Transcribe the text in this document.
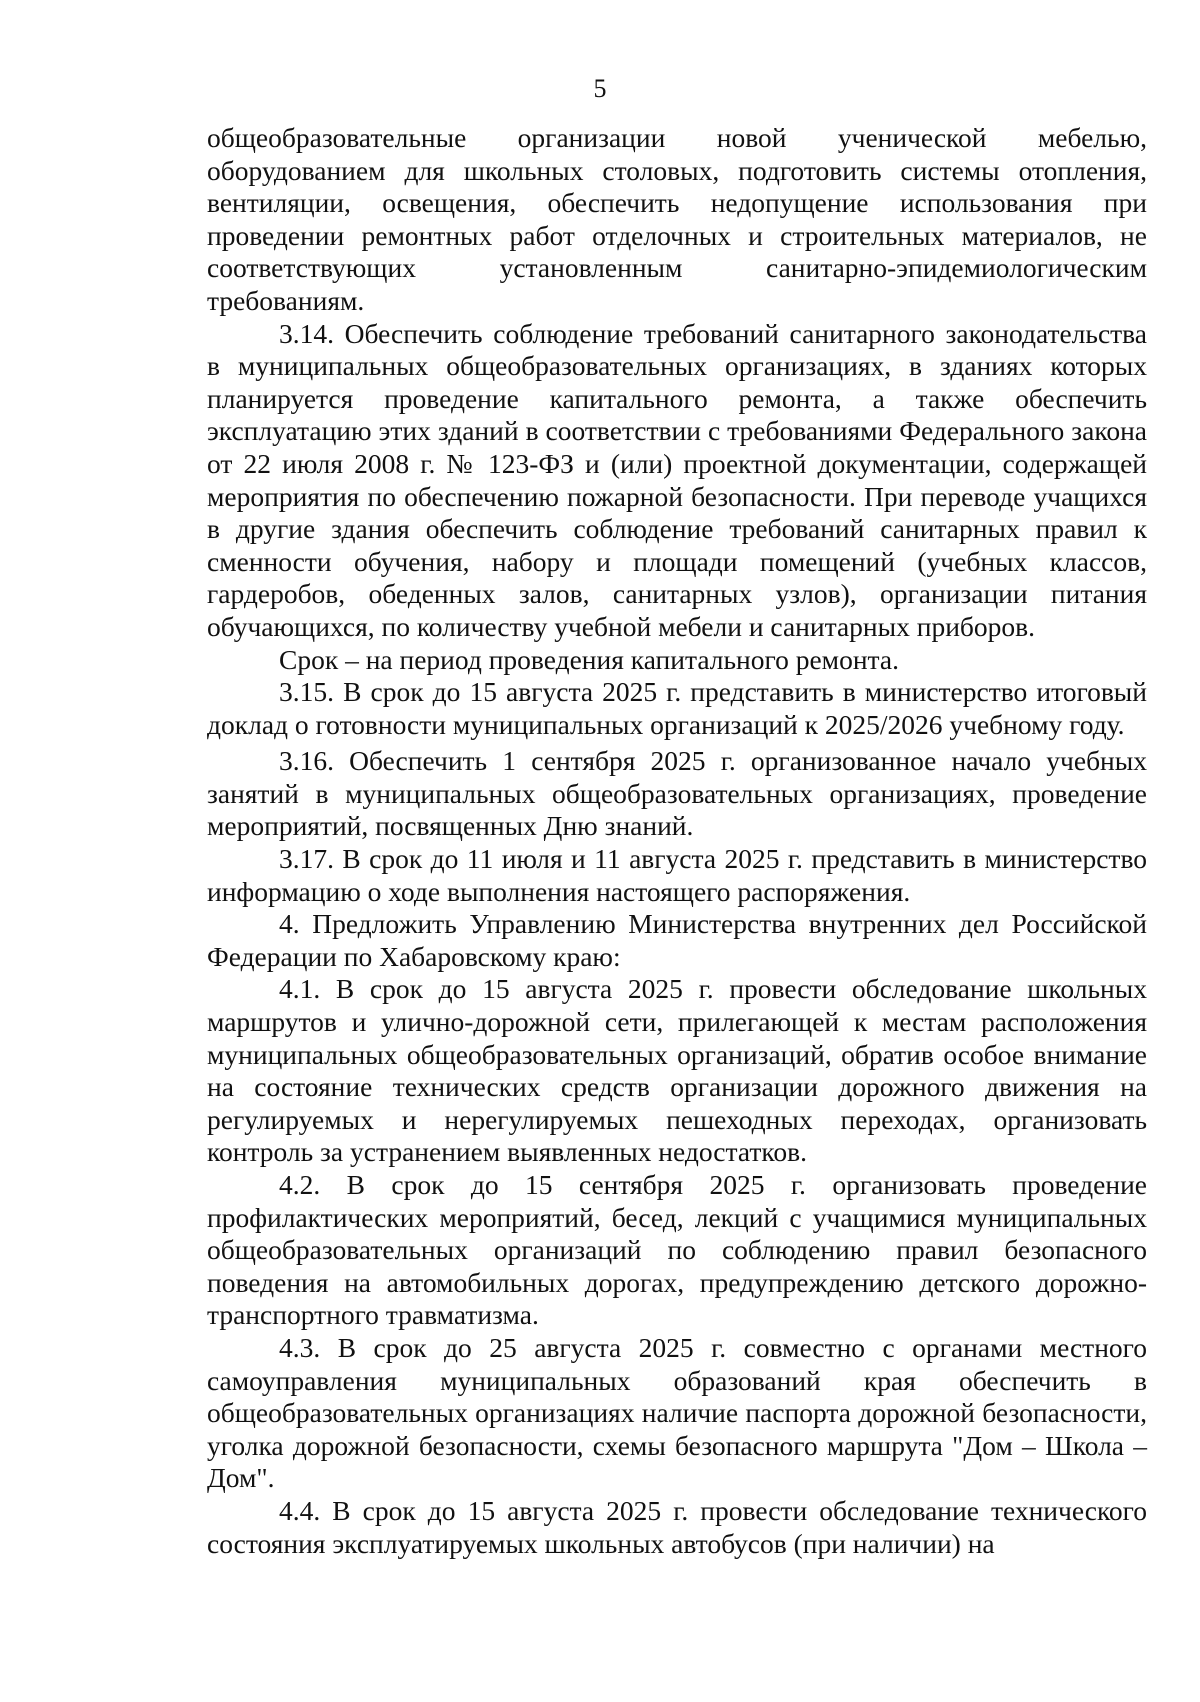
5

общеобразовательные организации новой ученической мебелью, оборудованием для школьных столовых, подготовить системы отопления, вентиляции, освещения, обеспечить недопущение использования при проведении ремонтных работ отделочных и строительных материалов, не соответствующих установленным санитарно-эпидемиологическим требованиям.

3.14. Обеспечить соблюдение требований санитарного законодательства в муниципальных общеобразовательных организациях, в зданиях которых планируется проведение капитального ремонта, а также обеспечить эксплуатацию этих зданий в соответствии с требованиями Федерального закона от 22 июля 2008 г. № 123-ФЗ и (или) проектной документации, содержащей мероприятия по обеспечению пожарной безопасности. При переводе учащихся в другие здания обеспечить соблюдение требований санитарных правил к сменности обучения, набору и площади помещений (учебных классов, гардеробов, обеденных залов, санитарных узлов), организации питания обучающихся, по количеству учебной мебели и санитарных приборов.

Срок – на период проведения капитального ремонта.

3.15. В срок до 15 августа 2025 г. представить в министерство итоговый доклад о готовности муниципальных организаций к 2025/2026 учебному году.

3.16. Обеспечить 1 сентября 2025 г. организованное начало учебных занятий в муниципальных общеобразовательных организациях, проведение мероприятий, посвященных Дню знаний.

3.17. В срок до 11 июля и 11 августа 2025 г. представить в министерство информацию о ходе выполнения настоящего распоряжения.

4. Предложить Управлению Министерства внутренних дел Российской Федерации по Хабаровскому краю:

4.1. В срок до 15 августа 2025 г. провести обследование школьных маршрутов и улично-дорожной сети, прилегающей к местам расположения муниципальных общеобразовательных организаций, обратив особое внимание на состояние технических средств организации дорожного движения на регулируемых и нерегулируемых пешеходных переходах, организовать контроль за устранением выявленных недостатков.

4.2. В срок до 15 сентября 2025 г. организовать проведение профилактических мероприятий, бесед, лекций с учащимися муниципальных общеобразовательных организаций по соблюдению правил безопасного поведения на автомобильных дорогах, предупреждению детского дорожно-транспортного травматизма.

4.3. В срок до 25 августа 2025 г. совместно с органами местного самоуправления муниципальных образований края обеспечить в общеобразовательных организациях наличие паспорта дорожной безопасности, уголка дорожной безопасности, схемы безопасного маршрута "Дом – Школа – Дом".

4.4. В срок до 15 августа 2025 г. провести обследование технического состояния эксплуатируемых школьных автобусов (при наличии) на
